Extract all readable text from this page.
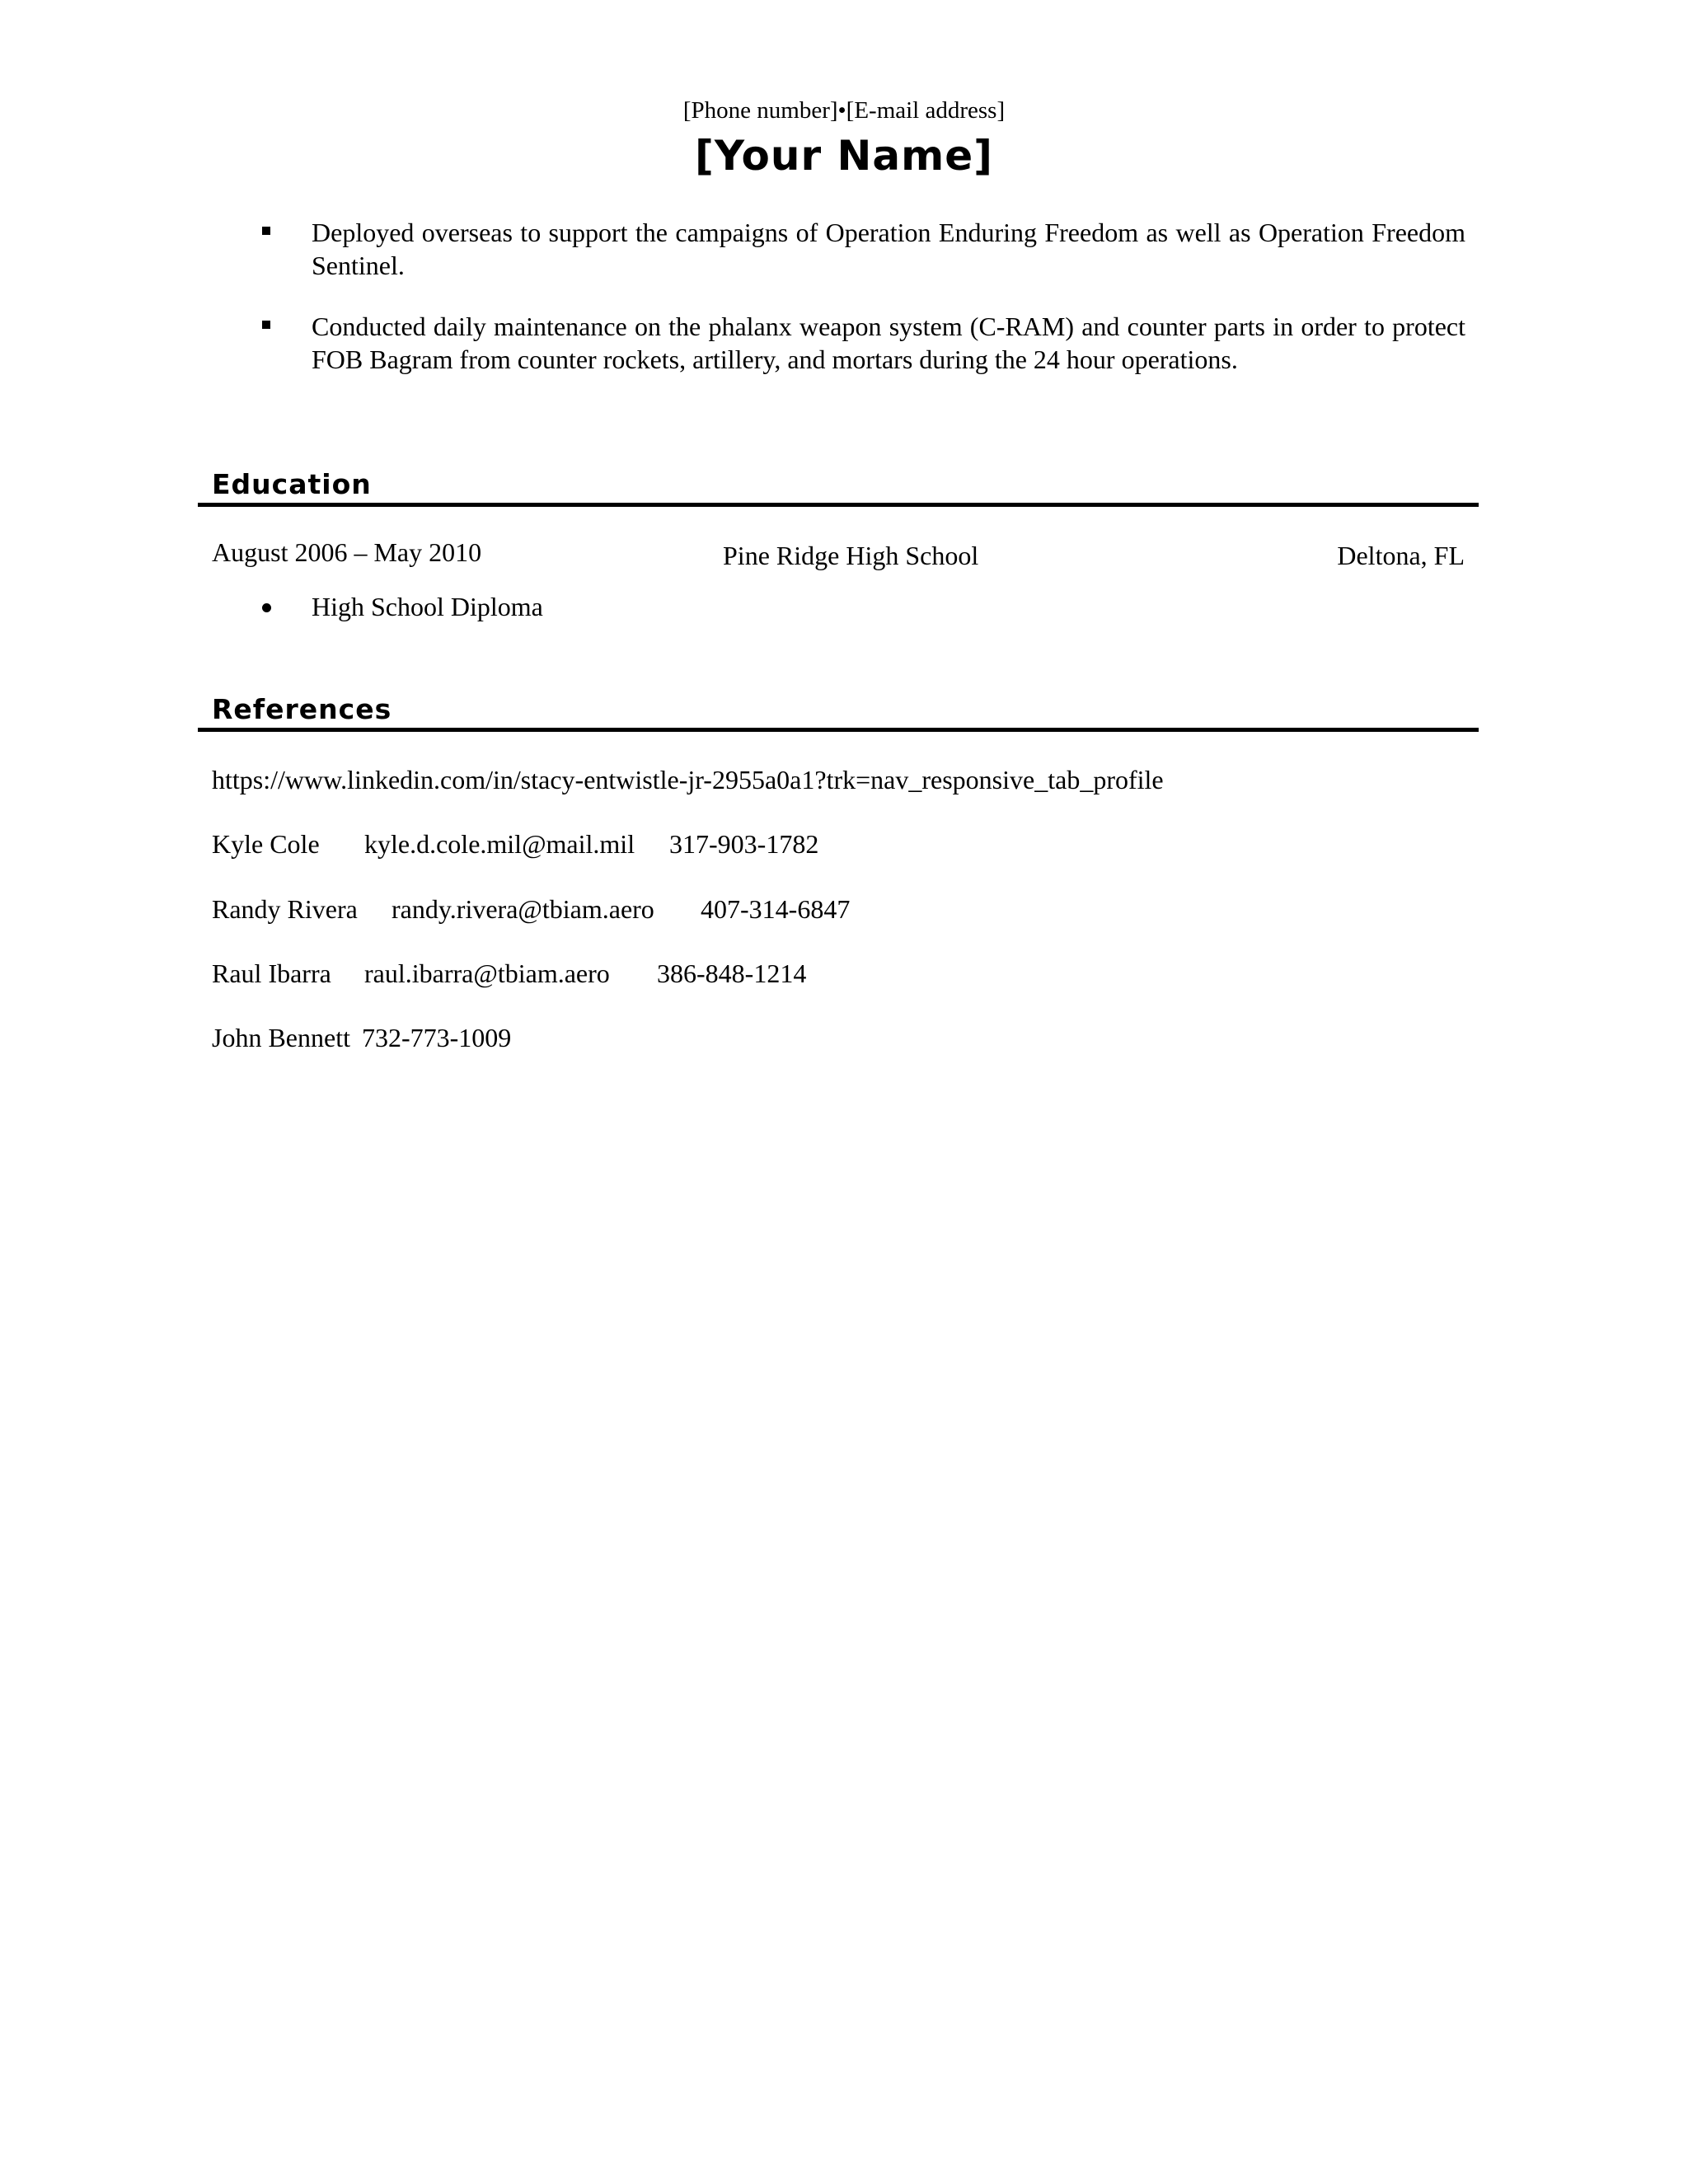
[Phone number]•[E-mail address]
[Your Name]
Deployed overseas to support the campaigns of Operation Enduring Freedom as well as Operation Freedom Sentinel.
Conducted daily maintenance on the phalanx weapon system (C-RAM) and counter parts in order to protect FOB Bagram from counter rockets, artillery, and mortars during the 24 hour operations.
Education
August 2006 – May 2010	Pine Ridge High School	Deltona, FL
High School Diploma
References
https://www.linkedin.com/in/stacy-entwistle-jr-2955a0a1?trk=nav_responsive_tab_profile
Kyle Cole kyle.d.cole.mil@mail.mil 317-903-1782
Randy Rivera randy.rivera@tbiam.aero 407-314-6847
Raul Ibarra raul.ibarra@tbiam.aero 386-848-1214
John Bennett 732-773-1009
